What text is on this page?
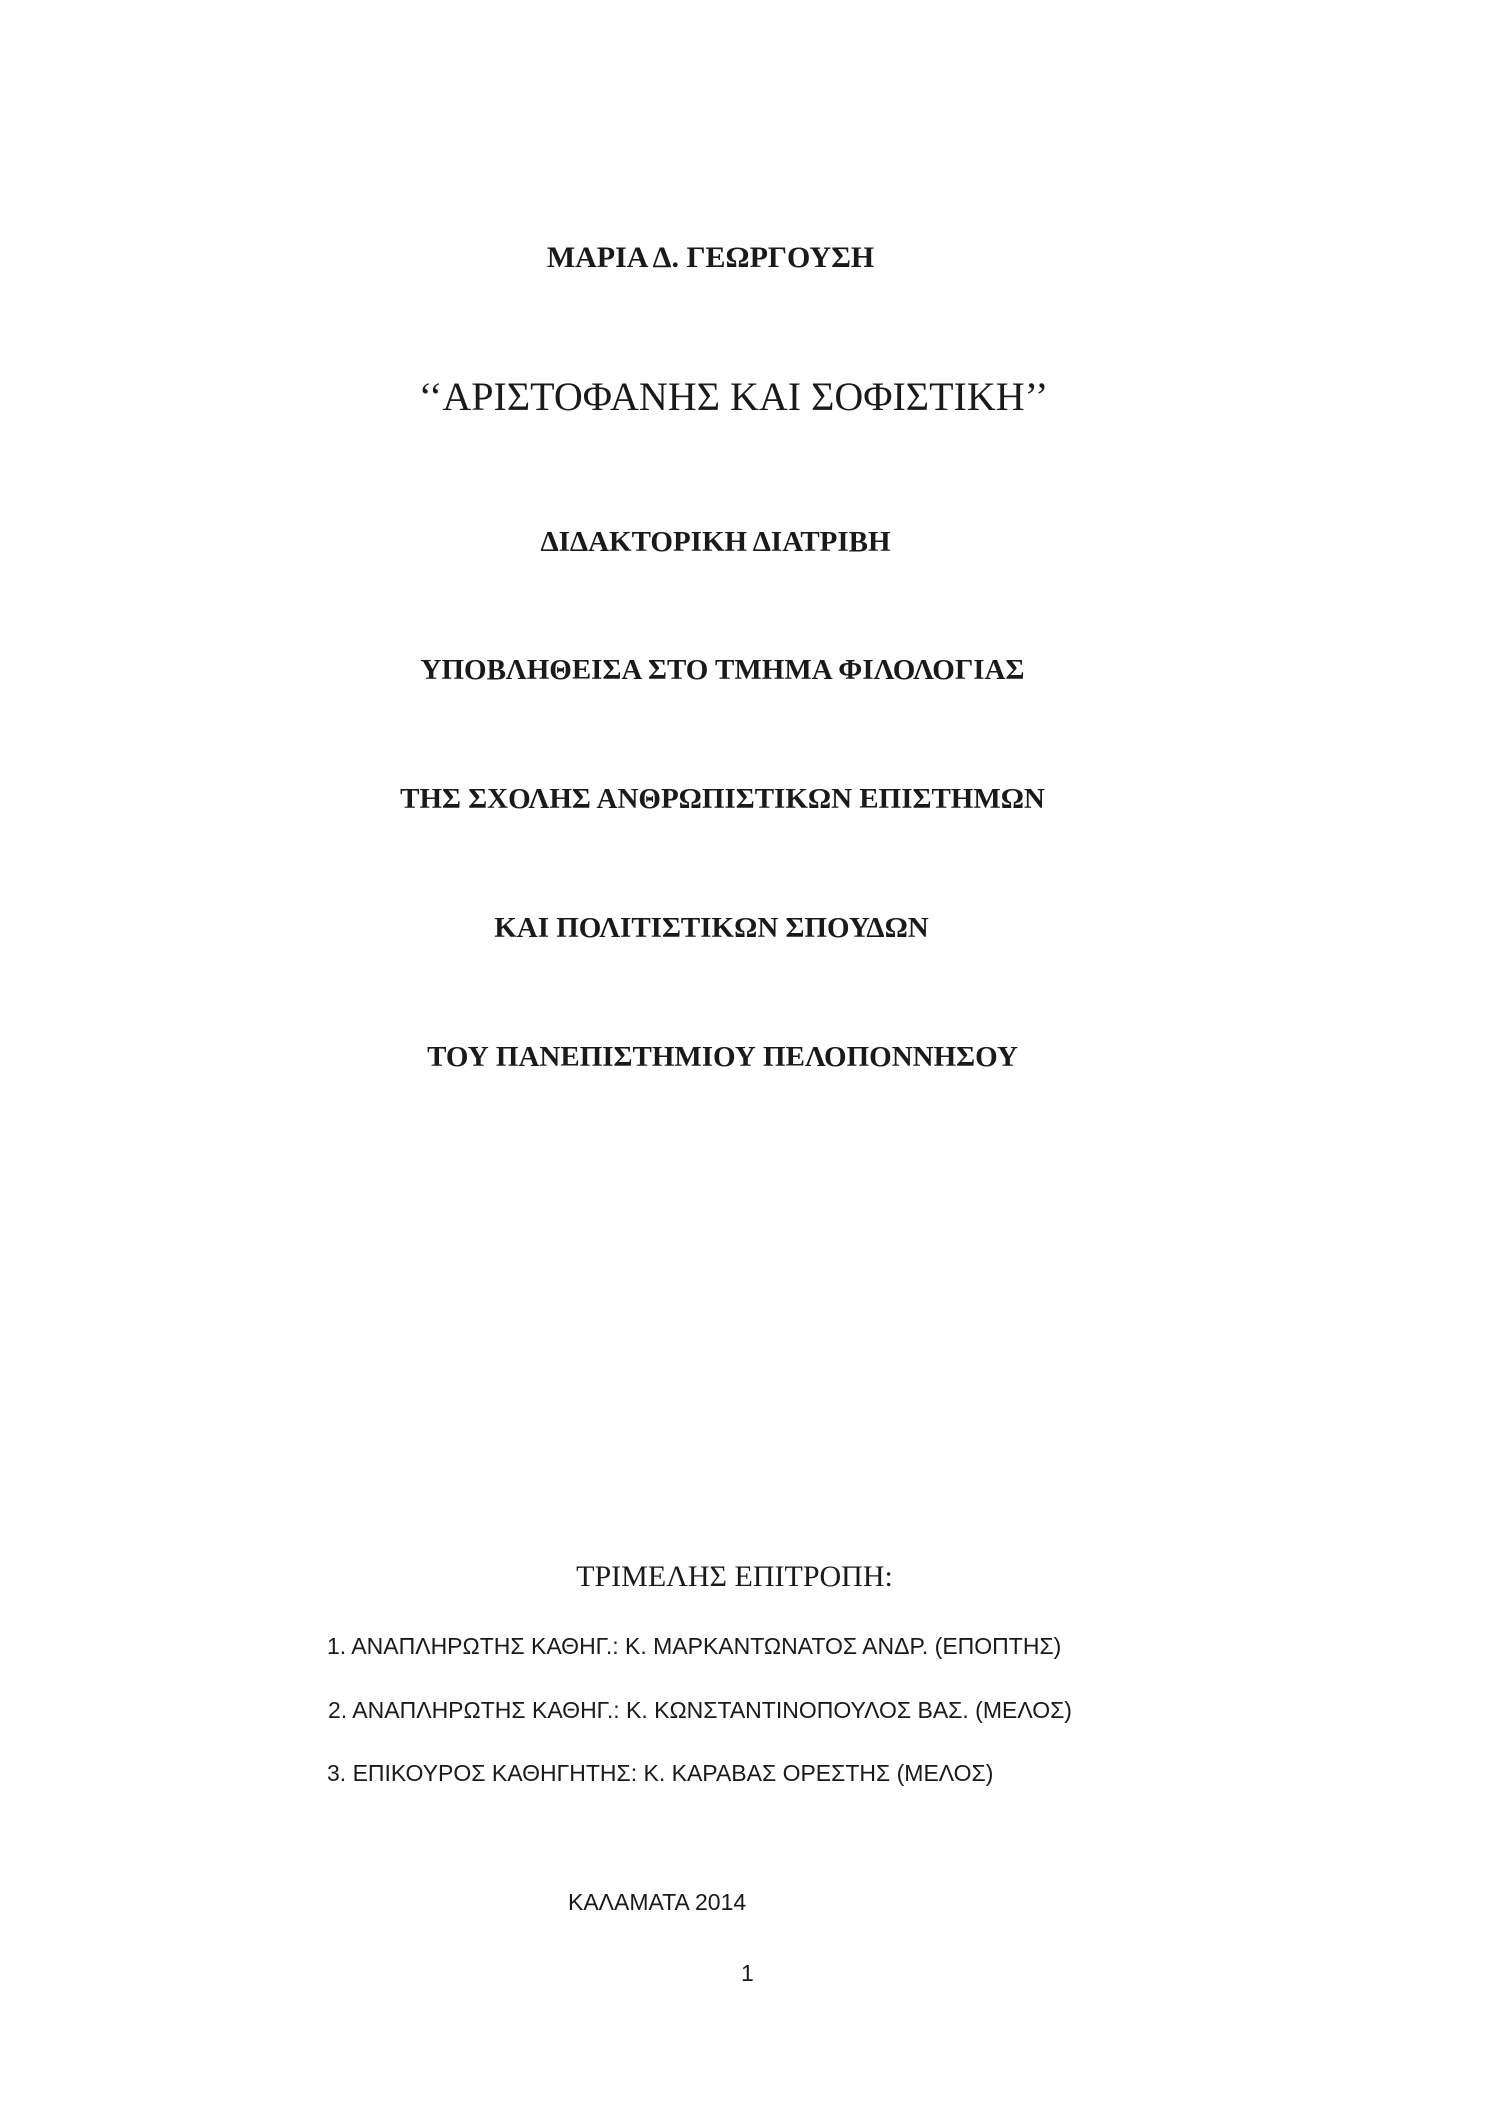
ΜΑΡΙΑ Δ. ΓΕΩΡΓΟΥΣΗ
‘‘ΑΡΙΣΤΟΦΑΝΗΣ ΚΑΙ ΣΟΦΙΣΤΙΚΗ’’
ΔΙΔΑΚΤΟΡΙΚΗ ΔΙΑΤΡΙΒΗ
ΥΠΟΒΛΗΘΕΙΣΑ ΣΤΟ ΤΜΗΜΑ ΦΙΛΟΛΟΓΙΑΣ
ΤΗΣ ΣΧΟΛΗΣ ΑΝΘΡΩΠΙΣΤΙΚΩΝ ΕΠΙΣΤΗΜΩΝ
ΚΑΙ ΠΟΛΙΤΙΣΤΙΚΩΝ ΣΠΟΥΔΩΝ
ΤΟΥ ΠΑΝΕΠΙΣΤΗΜΙΟΥ ΠΕΛΟΠΟΝΝΗΣΟΥ
ΤΡΙΜΕΛΗΣ ΕΠΙΤΡΟΠΗ:
1. ΑΝΑΠΛΗΡΩΤΗΣ ΚΑΘΗΓ.: Κ. ΜΑΡΚΑΝΤΩΝΑΤΟΣ ΑΝΔΡ. (ΕΠΟΠΤΗΣ)
2. ΑΝΑΠΛΗΡΩΤΗΣ ΚΑΘΗΓ.: Κ. ΚΩΝΣΤΑΝΤΙΝΟΠΟΥΛΟΣ ΒΑΣ. (ΜΕΛΟΣ)
3. ΕΠΙΚΟΥΡΟΣ ΚΑΘΗΓΗΤΗΣ: Κ. ΚΑΡΑΒΑΣ ΟΡΕΣΤΗΣ (ΜΕΛΟΣ)
ΚΑΛΑΜΑΤΑ 2014
1
